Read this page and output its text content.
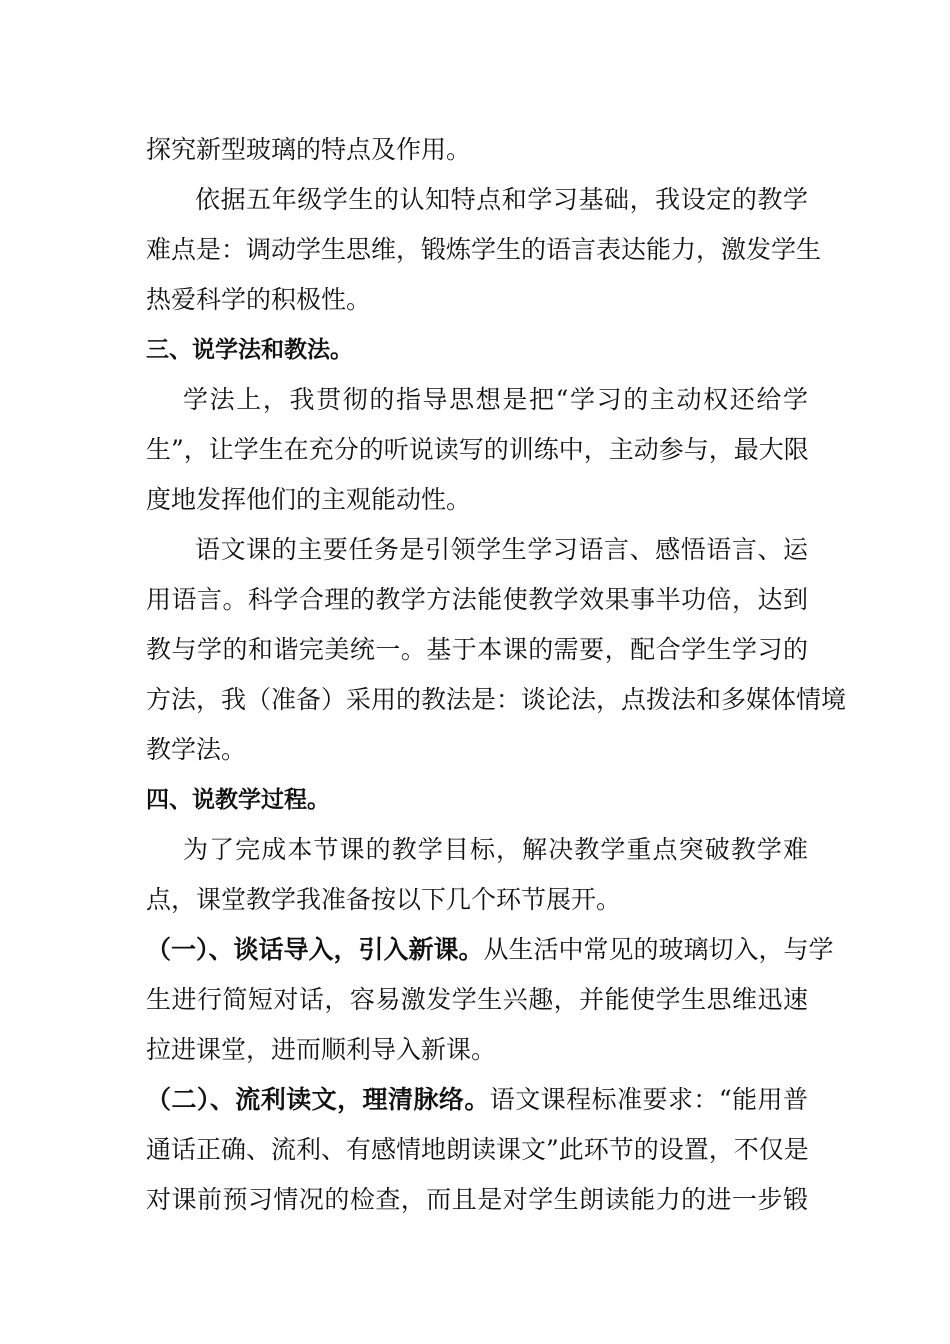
探究新型玻璃的特点及作用。
依据五年级学生的认知特点和学习基础，我设定的教学
难点是：调动学生思维，锻炼学生的语言表达能力，激发学生
热爱科学的积极性。
三、说学法和教法。
学法上，我贯彻的指导思想是把“学习的主动权还给学
生”，让学生在充分的听说读写的训练中，主动参与，最大限
度地发挥他们的主观能动性。
语文课的主要任务是引领学生学习语言、感悟语言、运
用语言。科学合理的教学方法能使教学效果事半功倍，达到
教与学的和谐完美统一。基于本课的需要，配合学生学习的
方法，我（准备）采用的教法是：谈论法，点拨法和多媒体情境
教学法。
四、说教学过程。
为了完成本节课的教学目标，解决教学重点突破教学难
点，课堂教学我准备按以下几个环节展开。
（一）、谈话导入，引入新课。从生活中常见的玻璃切入，与学
生进行简短对话，容易激发学生兴趣，并能使学生思维迅速
拉进课堂，进而顺利导入新课。
（二）、流利读文，理清脉络。语文课程标准要求：“能用普
通话正确、流利、有感情地朗读课文”此环节的设置，不仅是
对课前预习情况的检查，而且是对学生朗读能力的进一步锻
